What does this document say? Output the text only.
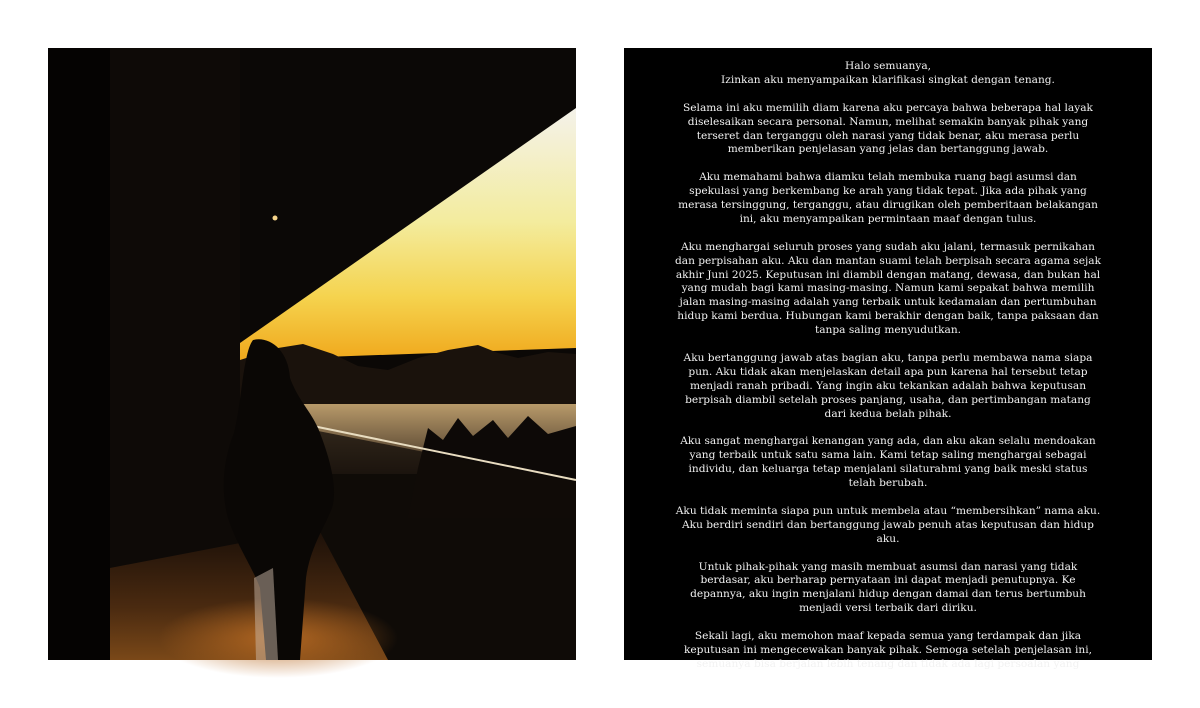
Halo semuanya,
Izinkan aku menyampaikan klarifikasi singkat dengan tenang.

Selama ini aku memilih diam karena aku percaya bahwa beberapa hal layak diselesaikan secara personal. Namun, melihat semakin banyak pihak yang terseret dan terganggu oleh narasi yang tidak benar, aku merasa perlu memberikan penjelasan yang jelas dan bertanggung jawab.

Aku memahami bahwa diamku telah membuka ruang bagi asumsi dan spekulasi yang berkembang ke arah yang tidak tepat. Jika ada pihak yang merasa tersinggung, terganggu, atau dirugikan oleh pemberitaan belakangan ini, aku menyampaikan permintaan maaf dengan tulus.

Aku menghargai seluruh proses yang sudah aku jalani, termasuk pernikahan dan perpisahan aku. Aku dan mantan suami telah berpisah secara agama sejak akhir Juni 2025. Keputusan ini diambil dengan matang, dewasa, dan bukan hal yang mudah bagi kami masing-masing. Namun kami sepakat bahwa memilih jalan masing-masing adalah yang terbaik untuk kedamaian dan pertumbuhan hidup kami berdua. Hubungan kami berakhir dengan baik, tanpa paksaan dan tanpa saling menyudutkan.

Aku bertanggung jawab atas bagian aku, tanpa perlu membawa nama siapa pun. Aku tidak akan menjelaskan detail apa pun karena hal tersebut tetap menjadi ranah pribadi. Yang ingin aku tekankan adalah bahwa keputusan berpisah diambil setelah proses panjang, usaha, dan pertimbangan matang dari kedua belah pihak.

Aku sangat menghargai kenangan yang ada, dan aku akan selalu mendoakan yang terbaik untuk satu sama lain. Kami tetap saling menghargai sebagai individu, dan keluarga tetap menjalani silaturahmi yang baik meski status telah berubah.

Aku tidak meminta siapa pun untuk membela atau “membersihkan” nama aku. Aku berdiri sendiri dan bertanggung jawab penuh atas keputusan dan hidup aku.

Untuk pihak-pihak yang masih membuat asumsi dan narasi yang tidak berdasar, aku berharap pernyataan ini dapat menjadi penutupnya. Ke depannya, aku ingin menjalani hidup dengan damai dan terus bertumbuh menjadi versi terbaik dari diriku.

Sekali lagi, aku memohon maaf kepada semua yang terdampak dan jika keputusan ini mengecewakan banyak pihak. Semoga setelah penjelasan ini, semuanya bisa berjalan lebih tenang dan tidak ada lagi persoalan yang
